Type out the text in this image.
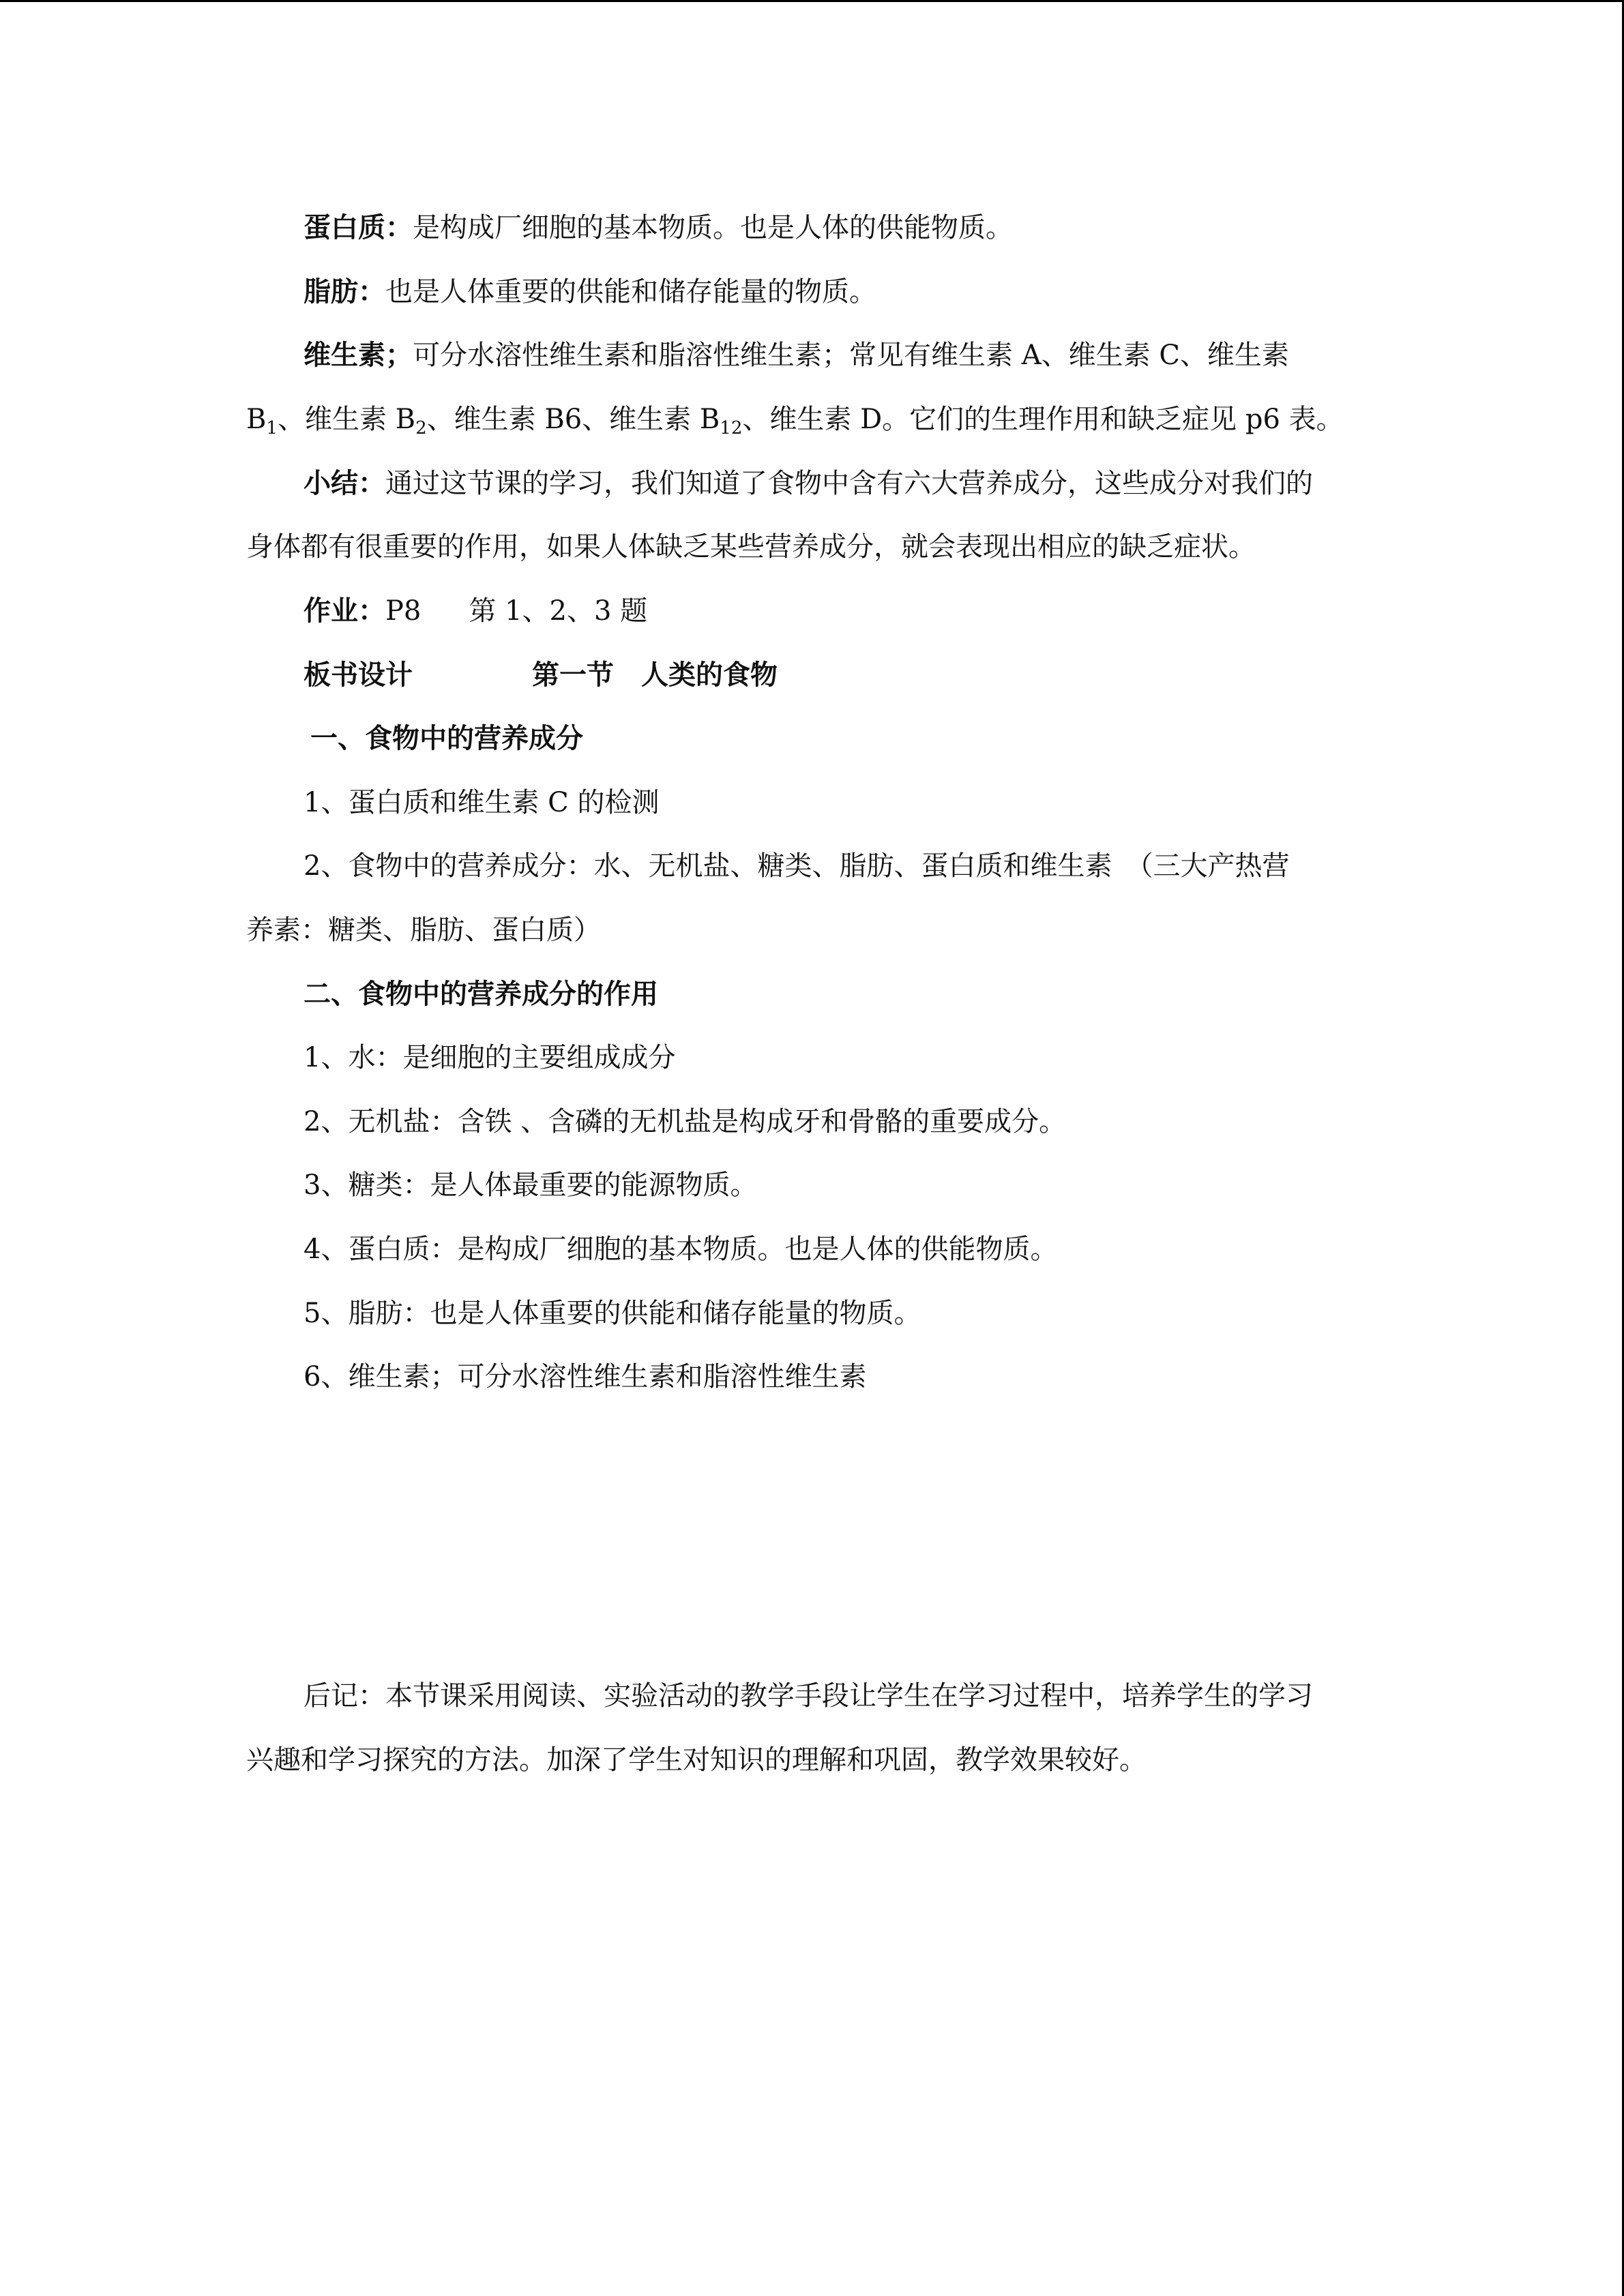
蛋白质：是构成厂细胞的基本物质。也是人体的供能物质。
脂肪：也是人体重要的供能和储存能量的物质。
维生素；可分水溶性维生素和脂溶性维生素；常见有维生素 A、维生素 C、维生素
$B_1$、维生素 $B_2$、维生素 B6、维生素 $B_{12}$、维生素 D。它们的生理作用和缺乏症见 p6 表。
小结：通过这节课的学习，我们知道了食物中含有六大营养成分，这些成分对我们的
身体都有很重要的作用，如果人体缺乏某些营养成分，就会表现出相应的缺乏症状。
作业：P8 第 1、2、3 题
板书设计	第一节　人类的食物
一、食物中的营养成分
1、蛋白质和维生素 C 的检测
2、食物中的营养成分：水、无机盐、糖类、脂肪、蛋白质和维生素　（三大产热营
养素：糖类、脂肪、蛋白质）
二、食物中的营养成分的作用
1、水：是细胞的主要组成成分
2、无机盐：含铁 、含磷的无机盐是构成牙和骨骼的重要成分。
3、糖类：是人体最重要的能源物质。
4、蛋白质：是构成厂细胞的基本物质。也是人体的供能物质。
5、脂肪：也是人体重要的供能和储存能量的物质。
6、维生素；可分水溶性维生素和脂溶性维生素
后记：本节课采用阅读、实验活动的教学手段让学生在学习过程中，培养学生的学习
兴趣和学习探究的方法。加深了学生对知识的理解和巩固，教学效果较好。
